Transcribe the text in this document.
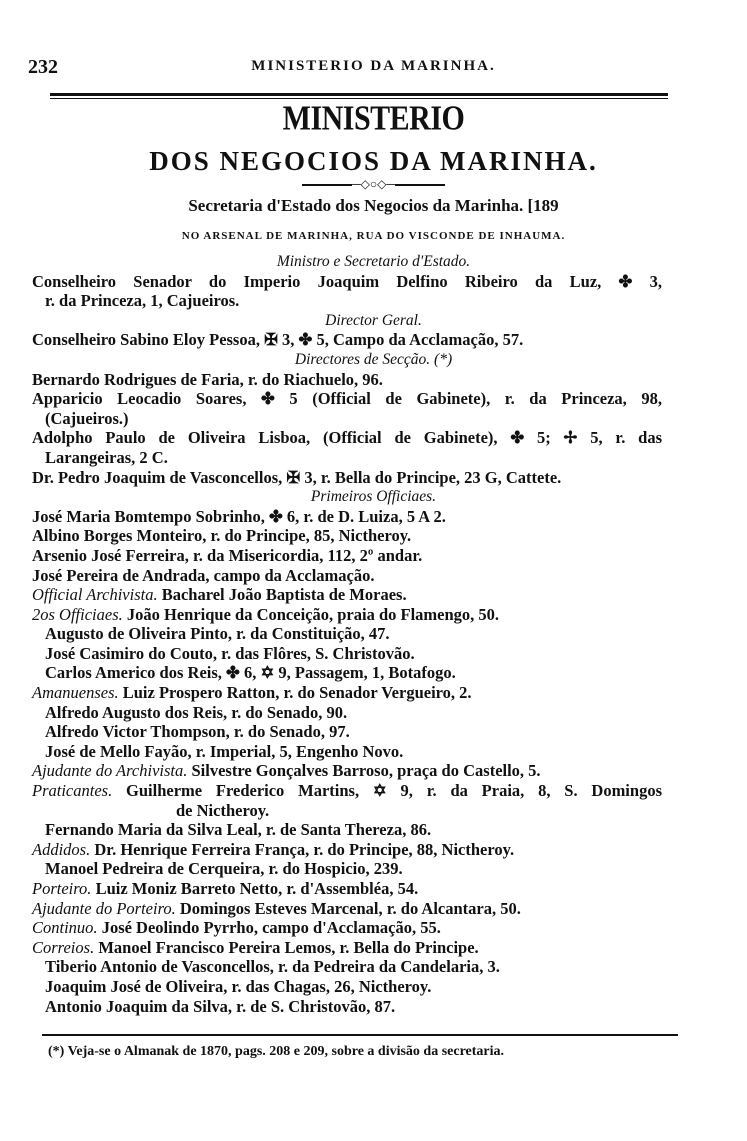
232	MINISTERIO DA MARINHA.
MINISTERIO
DOS NEGOCIOS DA MARINHA.
─◇○◇─
Secretaria d'Estado dos Negocios da Marinha. [189
NO ARSENAL DE MARINHA, RUA DO VISCONDE DE INHAUMA.
Ministro e Secretario d'Estado.
Conselheiro Senador do Imperio Joaquim Delfino Ribeiro da Luz, ✤ 3,
r. da Princeza, 1, Cajueiros.
Director Geral.
Conselheiro Sabino Eloy Pessoa, ✠ 3, ✤ 5, Campo da Acclamação, 57.
Directores de Secção. (*)
Bernardo Rodrigues de Faria, r. do Riachuelo, 96.
Apparicio Leocadio Soares, ✤ 5 (Official de Gabinete), r. da Princeza, 98,
(Cajueiros.)
Adolpho Paulo de Oliveira Lisboa, (Official de Gabinete), ✤ 5; ✢ 5, r. das
Larangeiras, 2 C.
Dr. Pedro Joaquim de Vasconcellos, ✠ 3, r. Bella do Principe, 23 G, Cattete.
Primeiros Officiaes.
José Maria Bomtempo Sobrinho, ✤ 6, r. de D. Luiza, 5 A 2.
Albino Borges Monteiro, r. do Principe, 85, Nictheroy.
Arsenio José Ferreira, r. da Misericordia, 112, 2º andar.
José Pereira de Andrada, campo da Acclamação.
Official Archivista. Bacharel João Baptista de Moraes.
2os Officiaes. João Henrique da Conceição, praia do Flamengo, 50.
Augusto de Oliveira Pinto, r. da Constituição, 47.
José Casimiro do Couto, r. das Flôres, S. Christovão.
Carlos Americo dos Reis, ✤ 6, ✡ 9, Passagem, 1, Botafogo.
Amanuenses. Luiz Prospero Ratton, r. do Senador Vergueiro, 2.
Alfredo Augusto dos Reis, r. do Senado, 90.
Alfredo Victor Thompson, r. do Senado, 97.
José de Mello Fayão, r. Imperial, 5, Engenho Novo.
Ajudante do Archivista. Silvestre Gonçalves Barroso, praça do Castello, 5.
Praticantes. Guilherme Frederico Martins, ✡ 9, r. da Praia, 8, S. Domingos
de Nictheroy.
Fernando Maria da Silva Leal, r. de Santa Thereza, 86.
Addidos. Dr. Henrique Ferreira França, r. do Principe, 88, Nictheroy.
Manoel Pedreira de Cerqueira, r. do Hospicio, 239.
Porteiro. Luiz Moniz Barreto Netto, r. d'Assembléa, 54.
Ajudante do Porteiro. Domingos Esteves Marcenal, r. do Alcantara, 50.
Continuo. José Deolindo Pyrrho, campo d'Acclamação, 55.
Correios. Manoel Francisco Pereira Lemos, r. Bella do Principe.
Tiberio Antonio de Vasconcellos, r. da Pedreira da Candelaria, 3.
Joaquim José de Oliveira, r. das Chagas, 26, Nictheroy.
Antonio Joaquim da Silva, r. de S. Christovão, 87.
(*) Veja-se o Almanak de 1870, pags. 208 e 209, sobre a divisão da secretaria.
